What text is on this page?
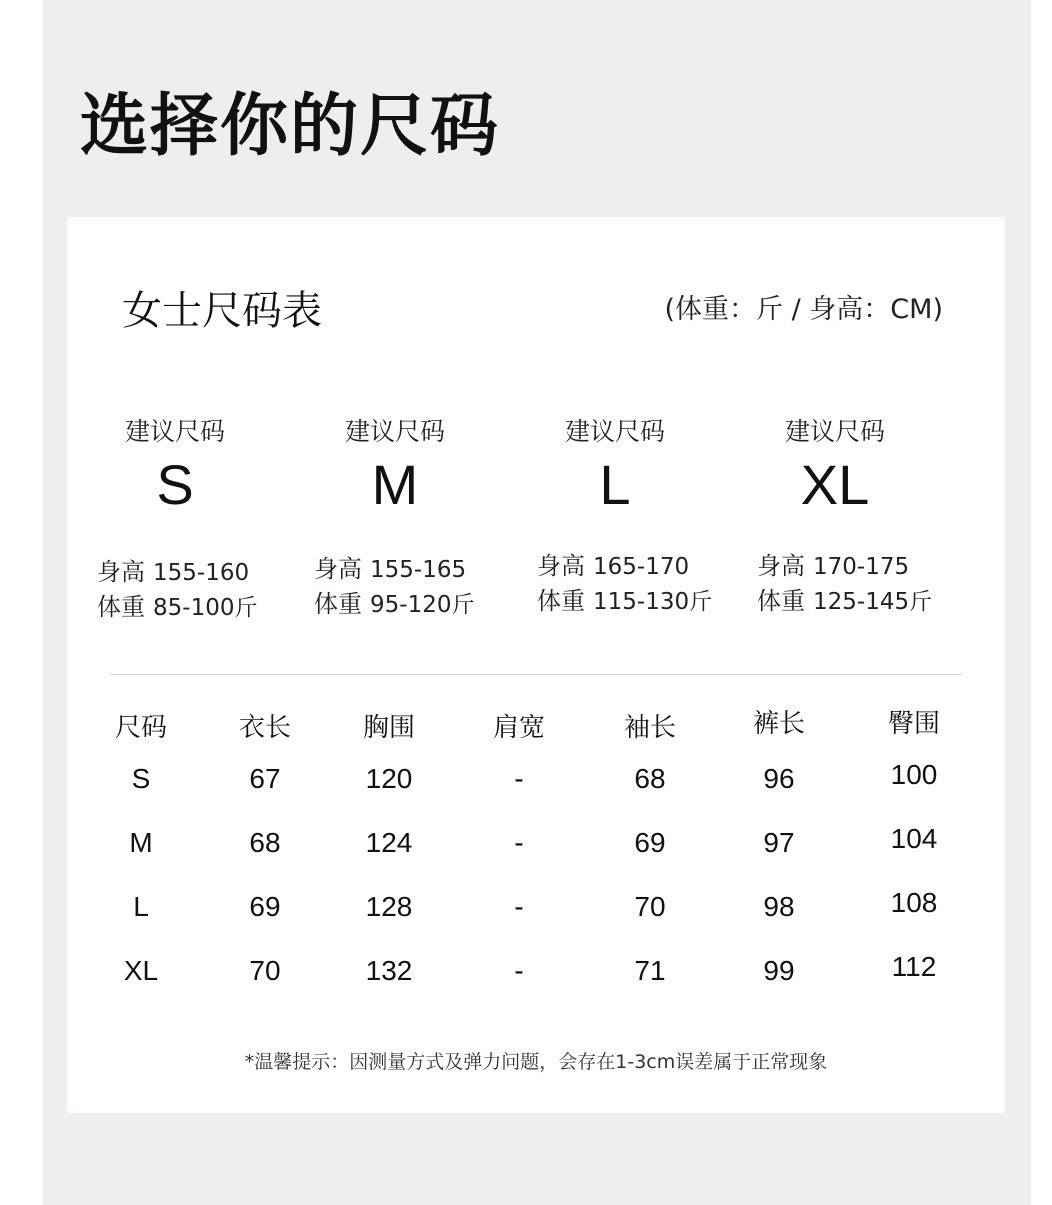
选择你的尺码
女士尺码表	(体重：斤 / 身高：CM)
建议尺码
S
建议尺码
M
建议尺码
L
建议尺码
XL
身高 155-160
体重 85-100斤
身高 155-165
体重 95-120斤
身高 165-170
体重 115-130斤
身高 170-175
体重 125-145斤
尺码	衣长	胸围	肩宽	袖长	裤长	臀围
S	67	120	-	68	96	100
M	68	124	-	69	97	104
L	69	128	-	70	98	108
XL	70	132	-	71	99	112
*温馨提示：因测量方式及弹力问题，会存在1-3cm误差属于正常现象
